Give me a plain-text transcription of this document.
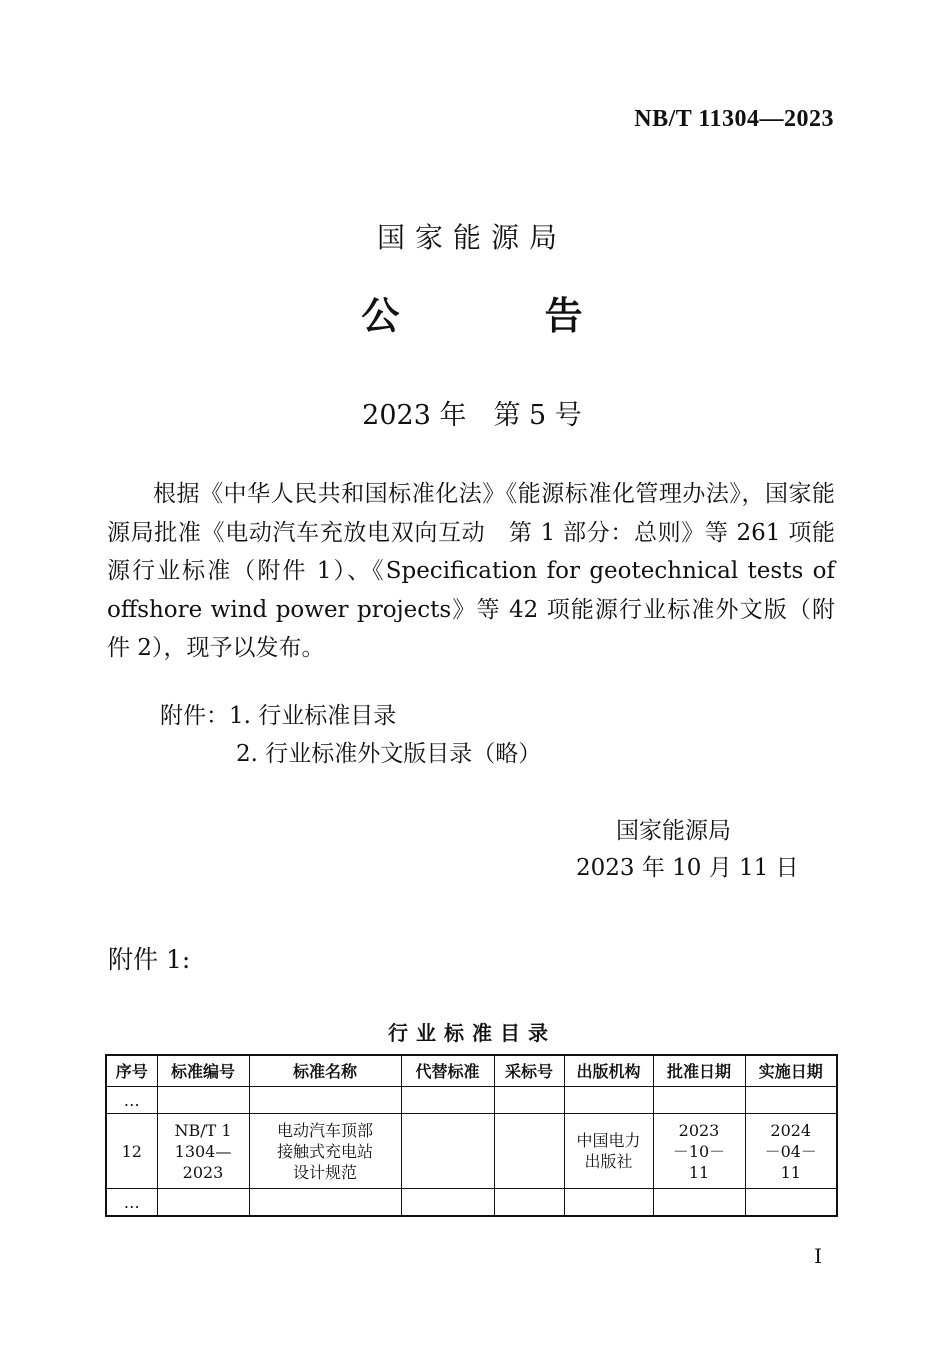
NB/T 11304—2023
国家能源局
公 告
2023 年　第 5 号

根据《中华人民共和国标准化法》《能源标准化管理办法》，国家能源局批准《电动汽车充放电双向互动　第 1 部分：总则》等 261 项能源行业标准（附件 1）、《Specification for geotechnical tests of offshore wind power projects》等 42 项能源行业标准外文版（附件 2），现予以发布。

附件：1. 行业标准目录
2. 行业标准外文版目录（略）
国家能源局
2023 年 10 月 11 日
附件 1:
行业标准目录
序号	标准编号	标准名称	代替标准	采标号	出版机构	批准日期	实施日期
…							
12	NB/T 11304—2023	电动汽车顶部接触式充电站设计规范			中国电力出版社	2023－10－11	2024－04－11

…							
I
